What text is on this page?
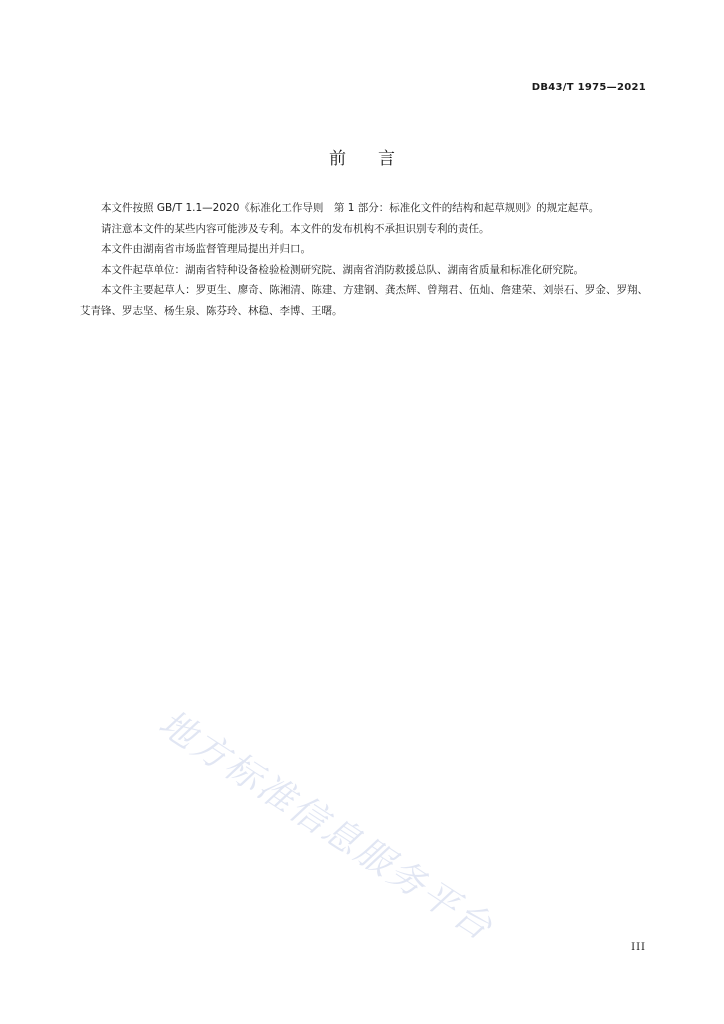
DB43/T 1975—2021
前言

本文件按照 GB/T 1.1—2020《标准化工作导则　第 1 部分：标准化文件的结构和起草规则》的规定起草。

请注意本文件的某些内容可能涉及专利。本文件的发布机构不承担识别专利的责任。

本文件由湖南省市场监督管理局提出并归口。

本文件起草单位：湖南省特种设备检验检测研究院、湖南省消防救援总队、湖南省质量和标准化研究院。

本文件主要起草人：罗更生、廖奇、陈湘清、陈建、方建钢、龚杰辉、曾翔君、伍灿、詹建荣、刘崇石、罗金、罗翔、艾青锋、罗志坚、杨生泉、陈芬玲、林稳、李博、王曙。

地方标准信息服务平台	III
